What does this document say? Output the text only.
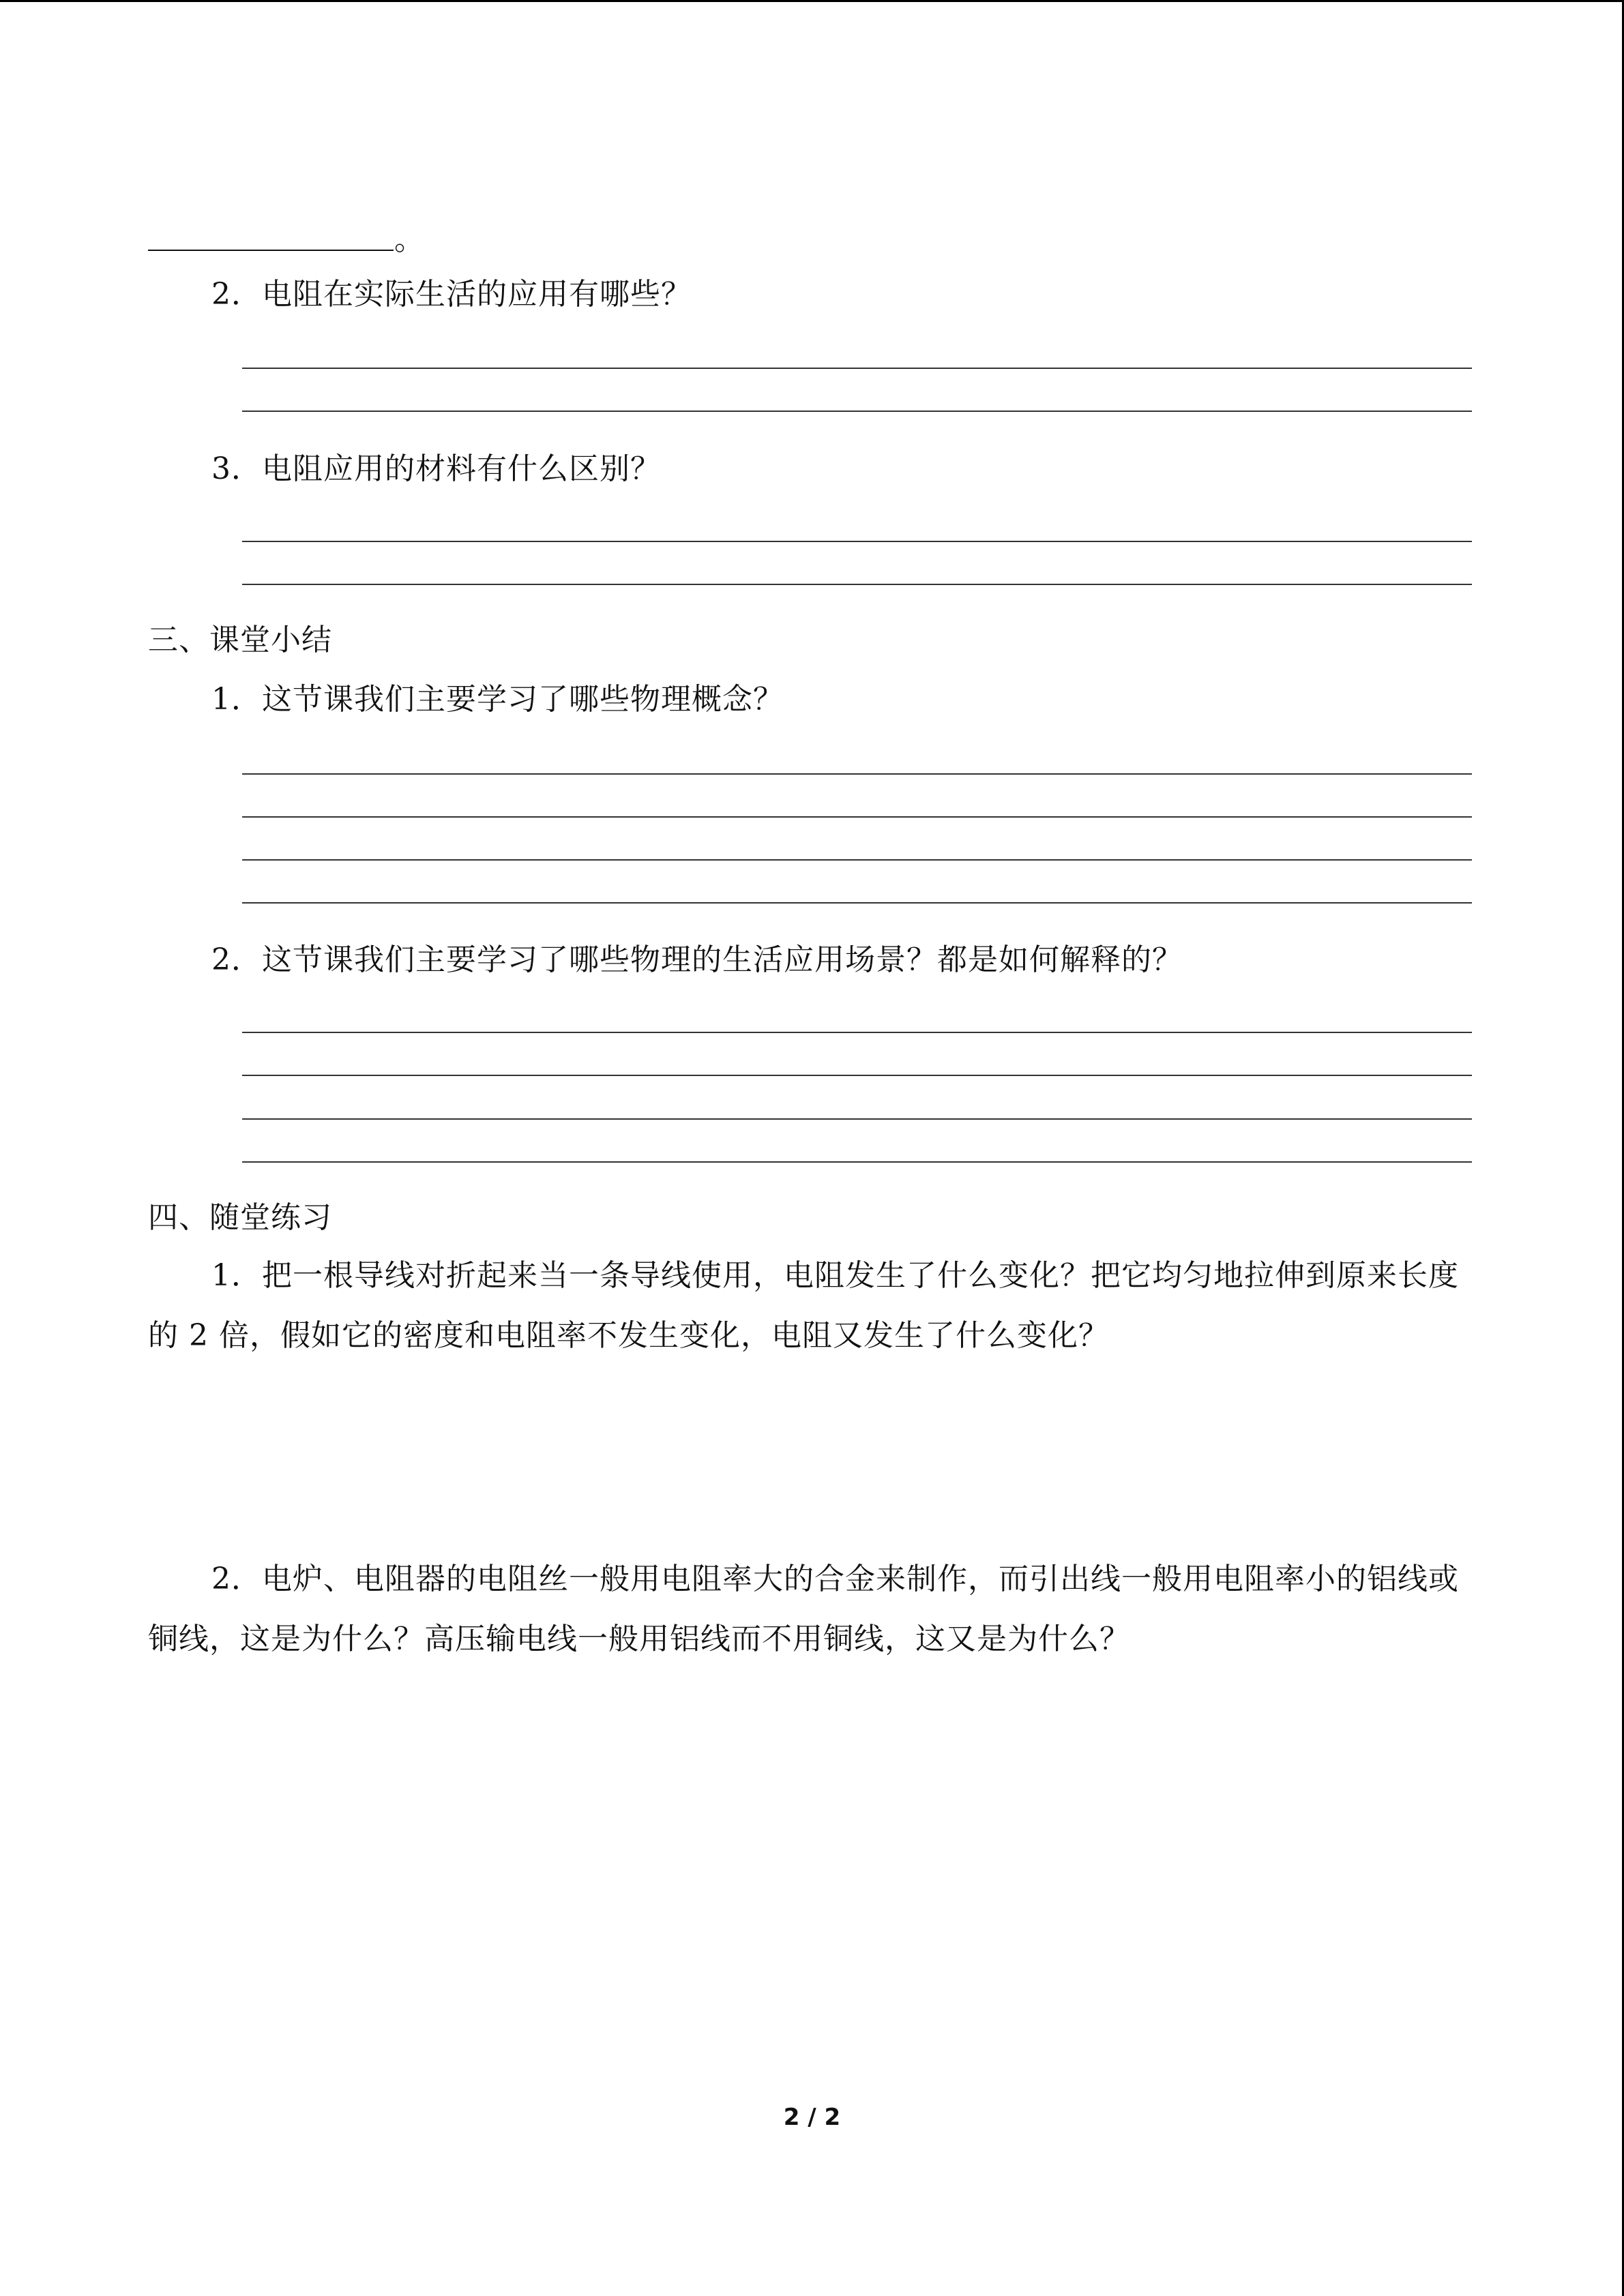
。
2．电阻在实际生活的应用有哪些？
3．电阻应用的材料有什么区别？
三、课堂小结
1．这节课我们主要学习了哪些物理概念？
2．这节课我们主要学习了哪些物理的生活应用场景？都是如何解释的？
四、随堂练习
1．把一根导线对折起来当一条导线使用，电阻发生了什么变化？把它均匀地拉伸到原来长度的 2 倍，假如它的密度和电阻率不发生变化，电阻又发生了什么变化？
2．电炉、电阻器的电阻丝一般用电阻率大的合金来制作，而引出线一般用电阻率小的铝线或铜线，这是为什么？高压输电线一般用铝线而不用铜线，这又是为什么？
2 / 2
